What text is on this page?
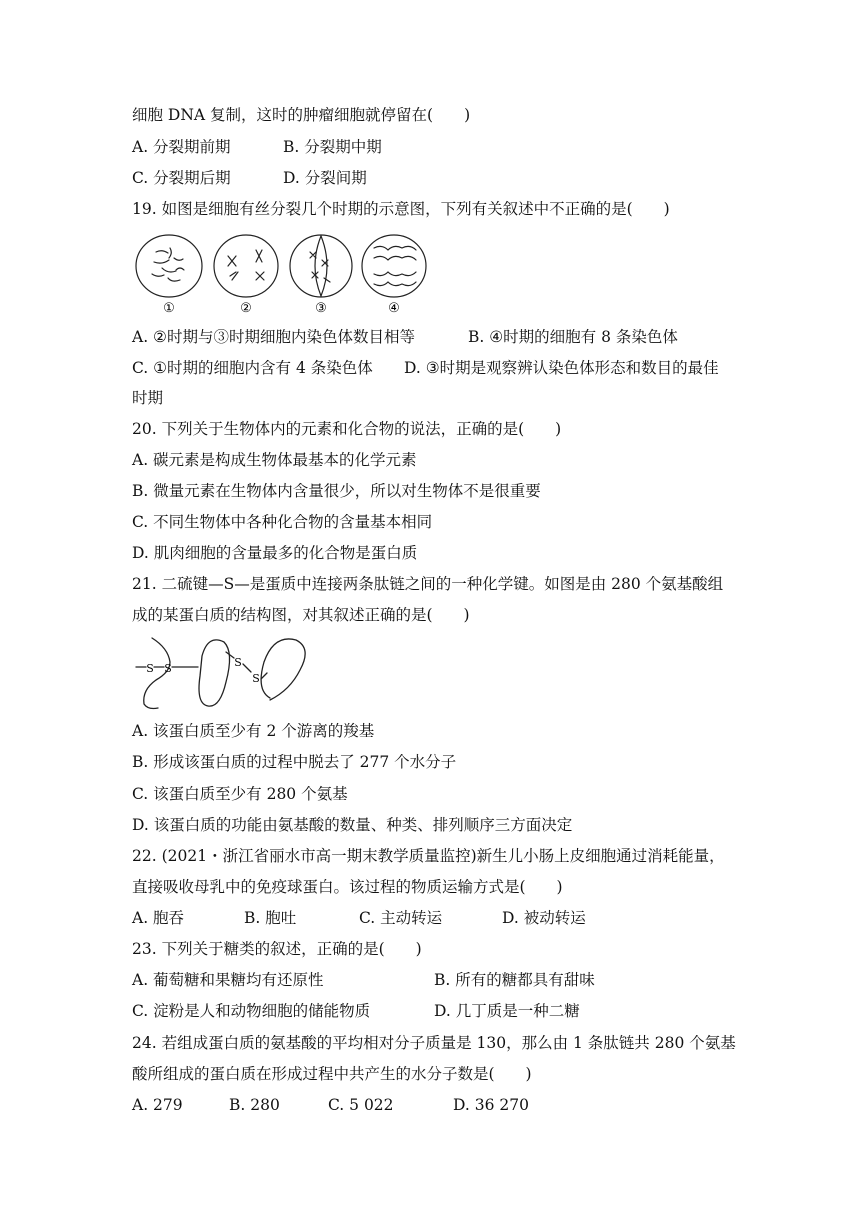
细胞 DNA 复制，这时的肿瘤细胞就停留在(　　)
A. 分裂期前期	B. 分裂期中期
C. 分裂期后期	D. 分裂间期
19. 如图是细胞有丝分裂几个时期的示意图，下列有关叙述中不正确的是(　　)
①	②	③	④
A. ②时期与③时期细胞内染色体数目相等	B. ④时期的细胞有 8 条染色体
C. ①时期的细胞内含有 4 条染色体 D. ③时期是观察辨认染色体形态和数目的最佳
时期
20. 下列关于生物体内的元素和化合物的说法，正确的是(　　)
A. 碳元素是构成生物体最基本的化学元素
B. 微量元素在生物体内含量很少，所以对生物体不是很重要
C. 不同生物体中各种化合物的含量基本相同
D. 肌肉细胞的含量最多的化合物是蛋白质
21. 二硫键—S—是蛋质中连接两条肽链之间的一种化学键。如图是由 280 个氨基酸组
成的某蛋白质的结构图，对其叙述正确的是(　　)
S S	S
S
A. 该蛋白质至少有 2 个游离的羧基
B. 形成该蛋白质的过程中脱去了 277 个水分子
C. 该蛋白质至少有 280 个氨基
D. 该蛋白质的功能由氨基酸的数量、种类、排列顺序三方面决定
22. (2021・浙江省丽水市高一期末教学质量监控)新生儿小肠上皮细胞通过消耗能量，
直接吸收母乳中的免疫球蛋白。该过程的物质运输方式是(　　)
A. 胞吞	B. 胞吐	C. 主动转运	D. 被动转运
23. 下列关于糖类的叙述，正确的是(　　)
A. 葡萄糖和果糖均有还原性	B. 所有的糖都具有甜味
C. 淀粉是人和动物细胞的储能物质	D. 几丁质是一种二糖
24. 若组成蛋白质的氨基酸的平均相对分子质量是 130，那么由 1 条肽链共 280 个氨基
酸所组成的蛋白质在形成过程中共产生的水分子数是(　　)
A. 279	B. 280	C. 5 022	D. 36 270
